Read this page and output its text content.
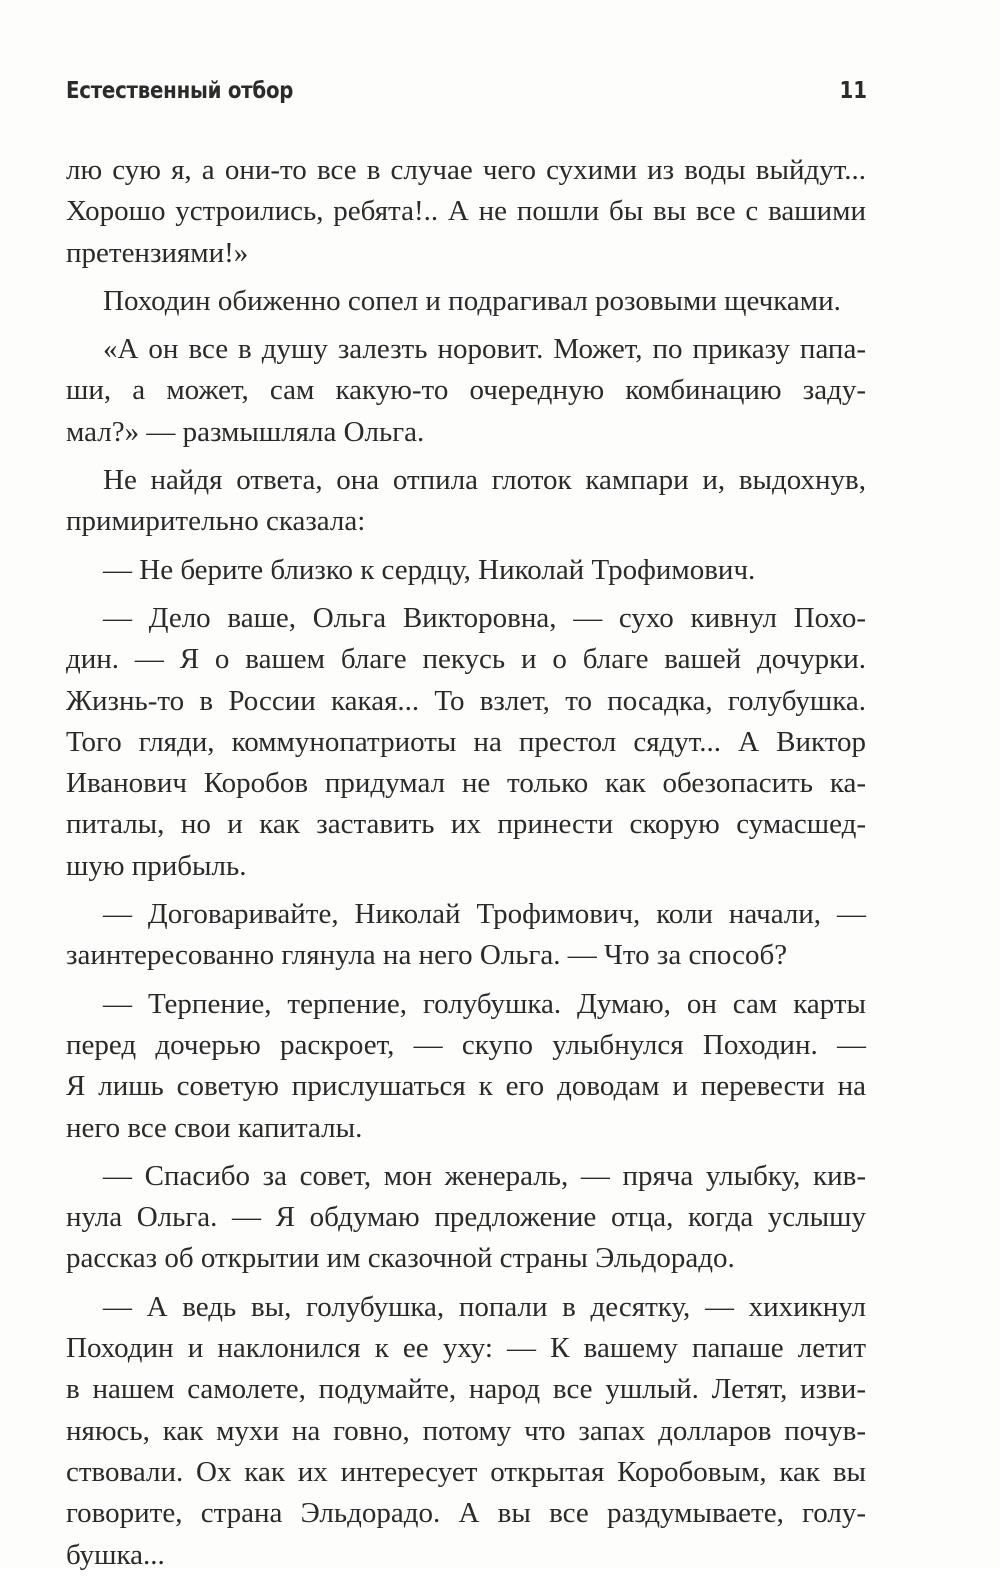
Естественный отбор	11

лю сую я, а они-то все в случае чего сухими из воды выйдут...

Хорошо устроились, ребята!.. А не пошли бы вы все с вашими

претензиями!»

Походин обиженно сопел и подрагивал розовыми щечками.

«А он все в душу залезть норовит. Может, по приказу папа-

ши, а может, сам какую-то очередную комбинацию заду-

мал?» — размышляла Ольга.

Не найдя ответа, она отпила глоток кампари и, выдохнув,

примирительно сказала:

— Не берите близко к сердцу, Николай Трофимович.

— Дело ваше, Ольга Викторовна, — сухо кивнул Похо-

дин. — Я о вашем благе пекусь и о благе вашей дочурки.

Жизнь-то в России какая... То взлет, то посадка, голубушка.

Того гляди, коммунопатриоты на престол сядут... А Виктор

Иванович Коробов придумал не только как обезопасить ка-

питалы, но и как заставить их принести скорую сумасшед-

шую прибыль.

— Договаривайте, Николай Трофимович, коли начали, —

заинтересованно глянула на него Ольга. — Что за способ?

— Терпение, терпение, голубушка. Думаю, он сам карты

перед дочерью раскроет, — скупо улыбнулся Походин. —

Я лишь советую прислушаться к его доводам и перевести на

него все свои капиталы.

— Спасибо за совет, мон женераль, — пряча улыбку, кив-

нула Ольга. — Я обдумаю предложение отца, когда услышу

рассказ об открытии им сказочной страны Эльдорадо.

— А ведь вы, голубушка, попали в десятку, — хихикнул

Походин и наклонился к ее уху: — К вашему папаше летит

в нашем самолете, подумайте, народ все ушлый. Летят, изви-

няюсь, как мухи на говно, потому что запах долларов почув-

ствовали. Ох как их интересует открытая Коробовым, как вы

говорите, страна Эльдорадо. А вы все раздумываете, голу-

бушка...
